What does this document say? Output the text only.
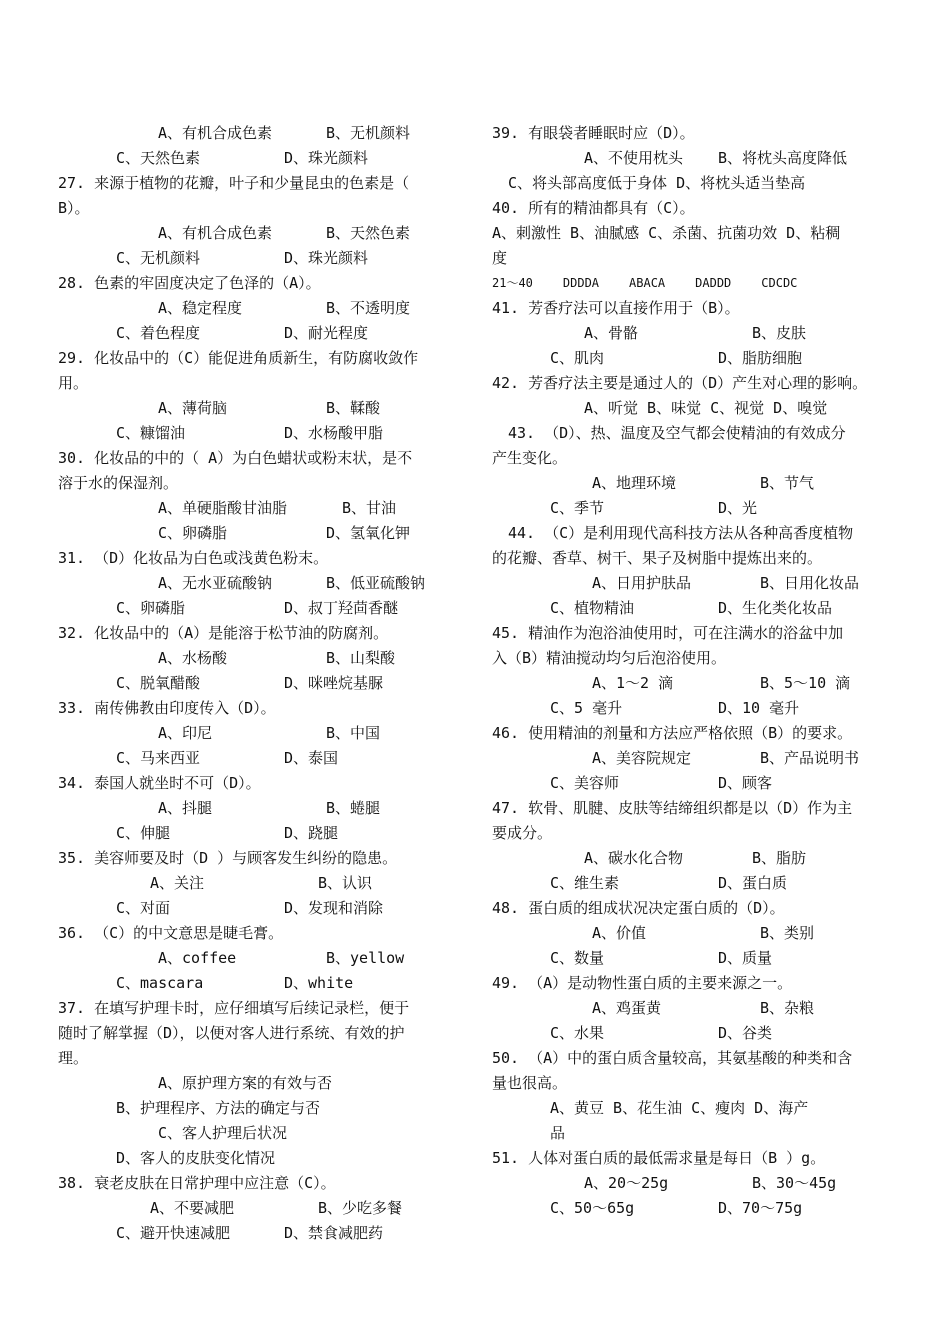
A、有机合成色素	B、无机颜料
C、天然色素	D、珠光颜料
27. 来源于植物的花瓣，叶子和少量昆虫的色素是（
B）。
A、有机合成色素	B、天然色素
C、无机颜料	D、珠光颜料
28. 色素的牢固度决定了色泽的（A）。
A、稳定程度	B、不透明度
C、着色程度	D、耐光程度
29. 化妆品中的（C）能促进角质新生，有防腐收敛作
用。
A、薄荷脑	B、鞣酸
C、糠馏油	D、水杨酸甲脂
30. 化妆品的中的（ A）为白色蜡状或粉末状，是不
溶于水的保湿剂。
A、单硬脂酸甘油脂	B、甘油
C、卵磷脂	D、氢氧化钾
31. （D）化妆品为白色或浅黄色粉末。
A、无水亚硫酸钠	B、低亚硫酸钠
C、卵磷脂	D、叔丁羟茴香醚
32. 化妆品中的（A）是能溶于松节油的防腐剂。
A、水杨酸	B、山梨酸
C、脱氧醋酸	D、咪唑烷基脲
33. 南传佛教由印度传入（D）。
A、印尼	B、中国
C、马来西亚	D、泰国
34. 泰国人就坐时不可（D）。
A、抖腿	B、蜷腿
C、伸腿	D、跷腿
35. 美容师要及时（D ）与顾客发生纠纷的隐患。
A、关注	B、认识
C、对面	D、发现和消除
36. （C）的中文意思是睫毛膏。
A、coffee	B、yellow
C、mascara	D、white
37. 在填写护理卡时，应仔细填写后续记录栏，便于
随时了解掌握（D），以便对客人进行系统、有效的护
理。
A、原护理方案的有效与否
B、护理程序、方法的确定与否
C、客人护理后状况
D、客人的皮肤变化情况
38. 衰老皮肤在日常护理中应注意（C）。
A、不要减肥	B、少吃多餐
C、避开快速减肥	D、禁食减肥药
39. 有眼袋者睡眠时应（D）。
A、不使用枕头 B、将枕头高度降低
C、将头部高度低于身体 D、将枕头适当垫高
40. 所有的精油都具有（C）。
A、刺激性 B、油腻感 C、杀菌、抗菌功效 D、粘稠
度
21～40	DDDDA	ABACA	DADDD	CDCDC
41. 芳香疗法可以直接作用于（B）。
A、骨骼	B、皮肤
C、肌肉	D、脂肪细胞
42. 芳香疗法主要是通过人的（D）产生对心理的影响。
A、听觉 B、味觉 C、视觉 D、嗅觉
43. （D）、热、温度及空气都会使精油的有效成分
产生变化。
A、地理环境	B、节气
C、季节	D、光
44. （C）是利用现代高科技方法从各种高香度植物
的花瓣、香草、树干、果子及树脂中提炼出来的。
A、日用护肤品	B、日用化妆品
C、植物精油	D、生化类化妆品
45. 精油作为泡浴油使用时，可在注满水的浴盆中加
入（B）精油搅动均匀后泡浴使用。
A、1～2 滴	B、5～10 滴
C、5 毫升	D、10 毫升
46. 使用精油的剂量和方法应严格依照（B）的要求。
A、美容院规定	B、产品说明书
C、美容师	D、顾客
47. 软骨、肌腱、皮肤等结缔组织都是以（D）作为主
要成分。
A、碳水化合物	B、脂肪
C、维生素	D、蛋白质
48. 蛋白质的组成状况决定蛋白质的（D）。
A、价值	B、类别
C、数量	D、质量
49. （A）是动物性蛋白质的主要来源之一。
A、鸡蛋黄	B、杂粮
C、水果	D、谷类
50. （A）中的蛋白质含量较高，其氨基酸的种类和含
量也很高。
A、黄豆 B、花生油 C、瘦肉 D、海产
品
51. 人体对蛋白质的最低需求量是每日（B ）g。
A、20～25g	B、30～45g
C、50～65g	D、70～75g
